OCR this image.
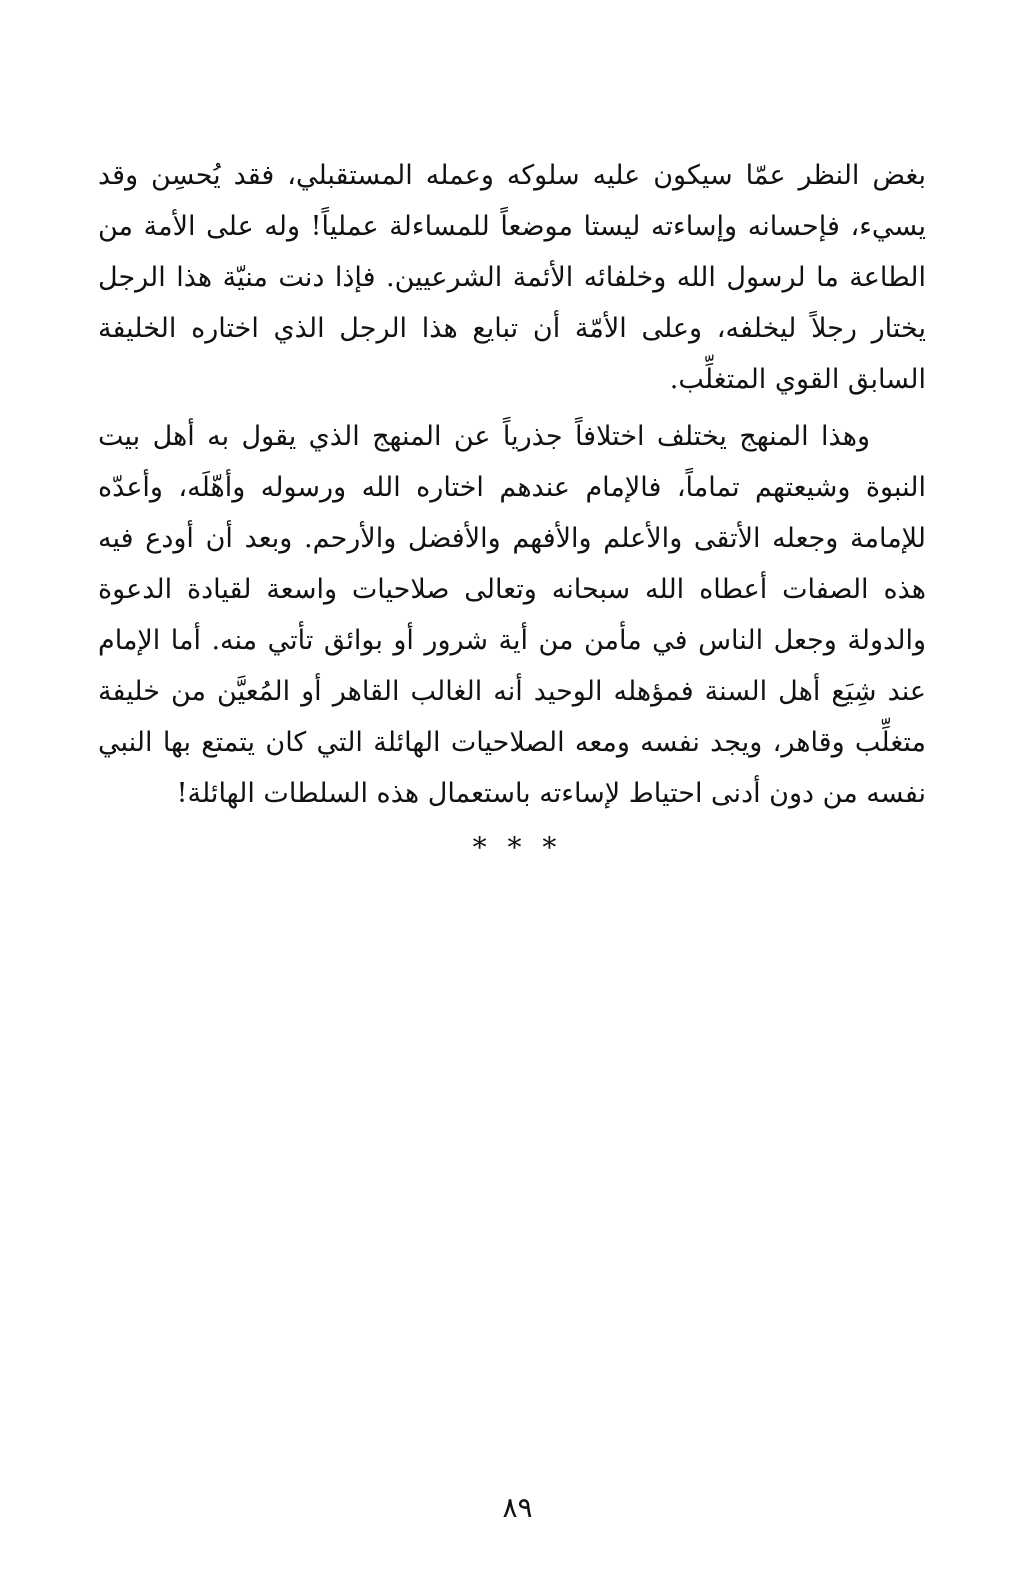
بغض النظر عمّا سيكون عليه سلوكه وعمله المستقبلي، فقد يُحسِن وقد يسيء، فإحسانه وإساءته ليستا موضعاً للمساءلة عملياً! وله على الأمة من الطاعة ما لرسول الله وخلفائه الأئمة الشرعيين. فإذا دنت منيّة هذا الرجل يختار رجلاً ليخلفه، وعلى الأمّة أن تبايع هذا الرجل الذي اختاره الخليفة السابق القوي المتغلِّب.

وهذا المنهج يختلف اختلافاً جذرياً عن المنهج الذي يقول به أهل بيت النبوة وشيعتهم تماماً، فالإمام عندهم اختاره الله ورسوله وأهّلَه، وأعدّه للإمامة وجعله الأتقى والأعلم والأفهم والأفضل والأرحم. وبعد أن أودع فيه هذه الصفات أعطاه الله سبحانه وتعالى صلاحيات واسعة لقيادة الدعوة والدولة وجعل الناس في مأمن من أية شرور أو بوائق تأتي منه. أما الإمام عند شِيَع أهل السنة فمؤهله الوحيد أنه الغالب القاهر أو المُعيَّن من خليفة متغلِّب وقاهر، ويجد نفسه ومعه الصلاحيات الهائلة التي كان يتمتع بها النبي نفسه من دون أدنى احتياط لإساءته باستعمال هذه السلطات الهائلة!

* * *
٨٩
